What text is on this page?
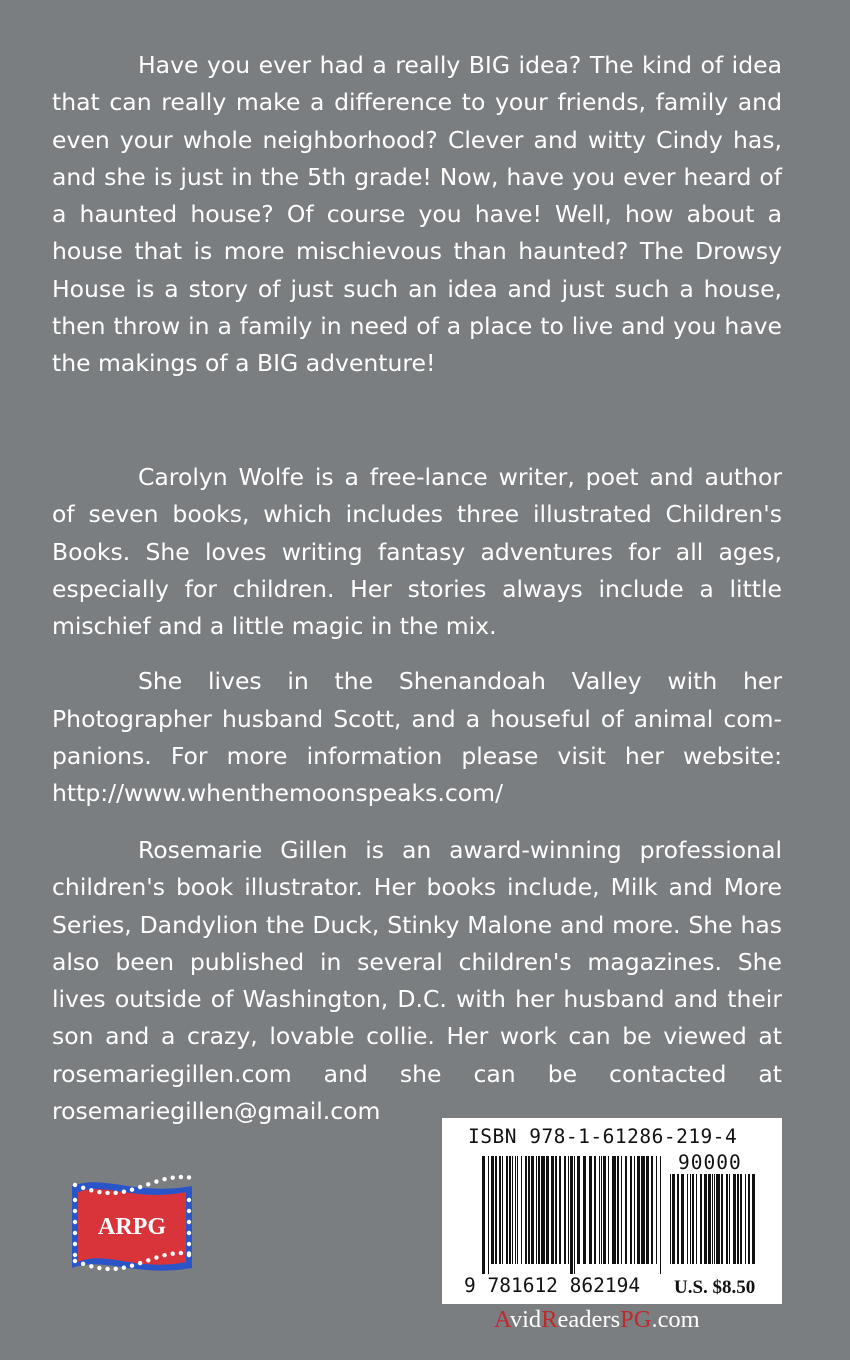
Have you ever had a really BIG idea? The kind of idea that can really make a difference to your friends, family and even your whole neighborhood? Clever and witty Cindy has, and she is just in the 5th grade! Now, have you ever heard of a haunted house? Of course you have! Well, how about a house that is more mischievous than haunted? The Drowsy House is a story of just such an idea and just such a house, then throw in a family in need of a place to live and you have the makings of a BIG adventure!

Carolyn Wolfe is a free-lance writer, poet and author of seven books, which includes three illustrated Children's Books. She loves writing fantasy adventures for all ages, especially for children. Her stories always include a little mischief and a little magic in the mix.

She lives in the Shenandoah Valley with her Photographer husband Scott, and a houseful of animal companions. For more information please visit her website: http://www.whenthemoonspeaks.com/

Rosemarie Gillen is an award-winning professional children's book illustrator. Her books include, Milk and More Series, Dandylion the Duck, Stinky Malone and more. She has also been published in several children's magazines. She lives outside of Washington, D.C. with her husband and their son and a crazy, lovable collie. Her work can be viewed at rosemariegillen.com and she can be contacted at rosemariegillen@gmail.com

ARPG
ISBN 978-1-61286-219-4
90000
9 781612 862194 U.S. $8.50
AvidReadersPG.com
